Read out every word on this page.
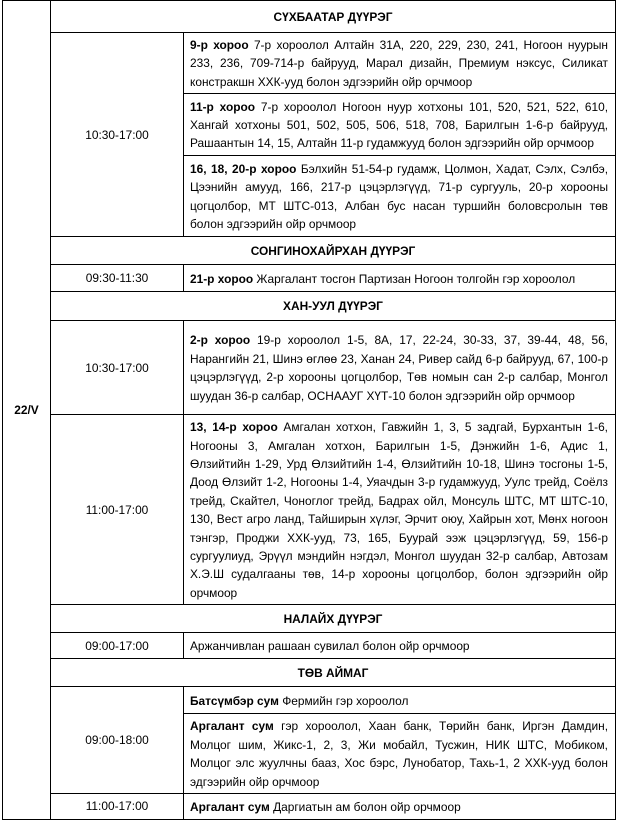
22/V	СҮХБААТАР ДҮҮРЭГ	
	10:30-17:00	9-р хороо 7-р хороолол Алтайн 31А, 220, 229, 230, 241, Ногоон нуурын 233, 236, 709-714-р байрууд, Марал дизайн, Премиум нэксус, Силикат констракшн ХХК-ууд болон эдгээрийн ойр орчмоор
		11-р хороо 7-р хороолол Ногоон нуур хотхоны 101, 520, 521, 522, 610, Хангай хотхоны 501, 502, 505, 506, 518, 708, Барилгын 1-6-р байрууд, Рашаантын 14, 15, Алтайн 11-р гудамжууд болон эдгээрийн ойр орчмоор
		16, 18, 20-р хороо Бэлхийн 51-54-р гудамж, Цолмон, Хадат, Сэлх, Сэлбэ, Цээнийн амууд, 166, 217-р цэцэрлэгүүд, 71-р сургууль, 20-р хорооны цогцолбор, МТ ШТС-013, Албан бус насан туршийн боловсролын төв болон эдгээрийн ойр орчмоор
	СОНГИНОХАЙРХАН ДҮҮРЭГ	
	09:30-11:30	21-р хороо Жаргалант тосгон Партизан Ногоон толгойн гэр хороолол
	ХАН-УУЛ ДҮҮРЭГ	
	10:30-17:00	2-р хороо 19-р хороолол 1-5, 8А, 17, 22-24, 30-33, 37, 39-44, 48, 56, Нарангийн 21, Шинэ өглөө 23, Ханан 24, Ривер сайд 6-р байрууд, 67, 100-р цэцэрлэгүүд, 2-р хорооны цогцолбор, Төв номын сан 2-р салбар, Монгол шуудан 36-р салбар, ОСНААУГ ХҮТ-10 болон эдгээрийн ойр орчмоор
	11:00-17:00	13, 14-р хороо Амгалан хотхон, Гавжийн 1, 3, 5 задгай, Бурхантын 1-6, Ногооны 3, Амгалан хотхон, Барилгын 1-5, Дэнжийн 1-6, Адис 1, Өлзийтийн 1-29, Урд Өлзийтийн 1-4, Өлзийтийн 10-18, Шинэ тосгоны 1-5, Доод Өлзийт 1-2, Ногооны 1-4, Уяачдын 3-р гудамжууд, Уулс трейд, Соёлз трейд, Скайтел, Чоноглог трейд, Бадрах ойл, Монсуль ШТС, МТ ШТС-10, 130, Вест агро ланд, Тайширын хүлэг, Эрчит оюу, Хайрын хот, Мөнх ногоон тэнгэр, Проджи ХХК-ууд, 73, 165, Буурай ээж цэцэрлэгүүд, 59, 156-р сургуулиуд, Эрүүл мэндийн нэгдэл, Монгол шуудан 32-р салбар, Автозам Х.Э.Ш судалгааны төв, 14-р хорооны цогцолбор, болон эдгээрийн ойр орчмоор
	НАЛАЙХ ДҮҮРЭГ	
	09:00-17:00	Аржанчивлан рашаан сувилал болон ойр орчмоор
	ТӨВ АЙМАГ	
	09:00-18:00	Батсүмбэр сум Фермийн гэр хороолол
		Аргалант сум гэр хороолол, Хаан банк, Төрийн банк, Иргэн Дамдин, Молцог шим, Жикс-1, 2, 3, Жи мобайл, Тусжин, НИК ШТС, Мобиком, Молцог элс жуулчны бааз, Хос бэрс, Лунобатор, Тахь-1, 2 ХХК-ууд болон эдгээрийн ойр орчмоор
	11:00-17:00	Аргалант сум Даргиатын ам болон ойр орчмоор
